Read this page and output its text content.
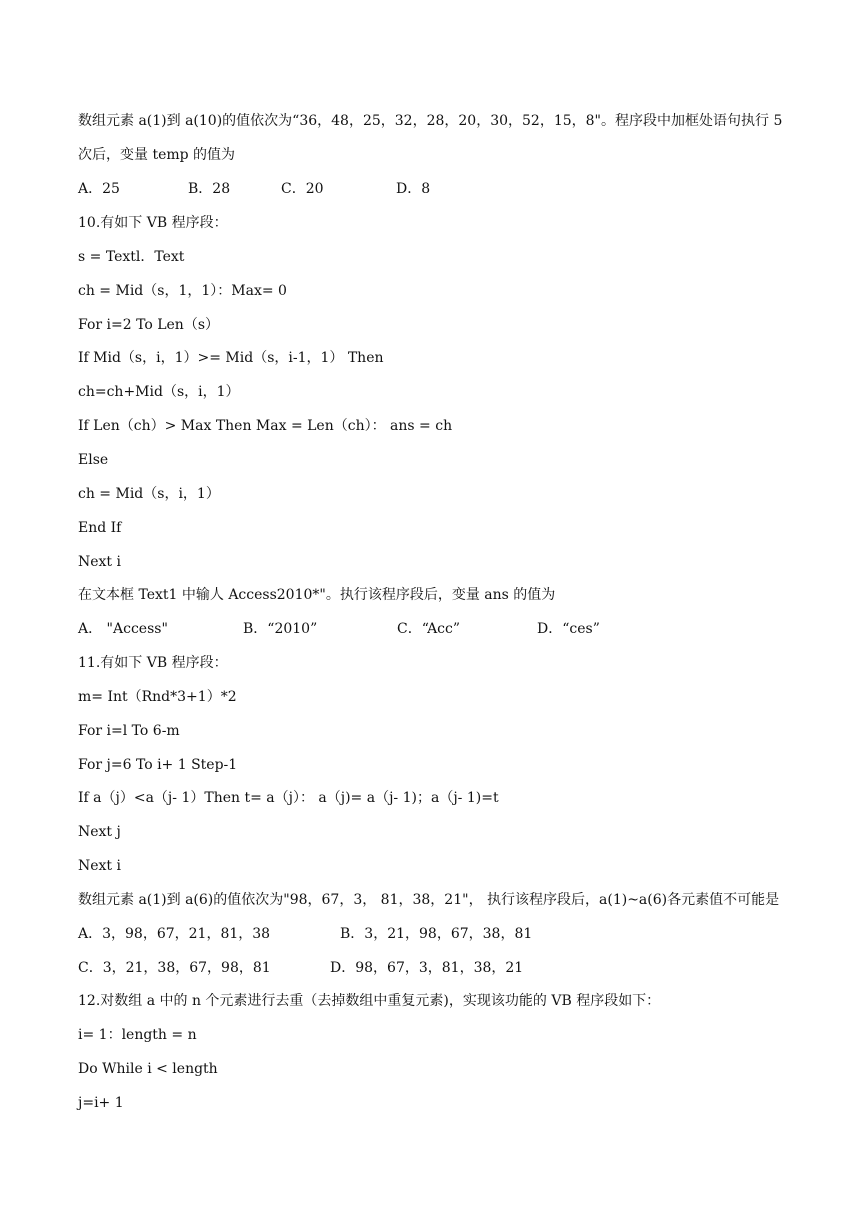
数组元素 a(1)到 a(10)的值依次为“36，48，25，32，28，20，30，52，15，8"。程序段中加框处语句执行 5
次后，变量 temp 的值为
A．25	B．28	C．20	D．8
10.有如下 VB 程序段：
s = Textl．Text
ch = Mid（s，1，1）：Max= 0
For i=2 To Len（s）
If Mid（s，i，1）>= Mid（s，i-1，1） Then
ch=ch+Mid（s，i，1）
If Len（ch）> Max Then Max = Len（ch）： ans = ch
Else
ch = Mid（s，i，1）
End If
Next i
在文本框 Text1 中输人 Access2010*"。执行该程序段后，变量 ans 的值为
A． "Access"	B．“2010”	C．“Acc”	D．“ces”
11.有如下 VB 程序段：
m= Int（Rnd*3+1）*2
For i=l To 6-m
For j=6 To i+ 1 Step-1
If a（j）<a（j- 1）Then t= a（j）： a（j)= a（j- 1)；a（j- 1)=t
Next j
Next i
数组元素 a(1)到 a(6)的值依次为"98，67，3， 81，38，21"， 执行该程序段后，a(1)~a(6)各元素值不可能是
A．3，98，67，21，81，38	B．3，21，98，67，38，81
C．3，21，38，67，98，81	D．98，67，3，81，38，21
12.对数组 a 中的 n 个元素进行去重（去掉数组中重复元素)，实现该功能的 VB 程序段如下：
i= 1：length = n
Do While i < length
j=i+ 1
